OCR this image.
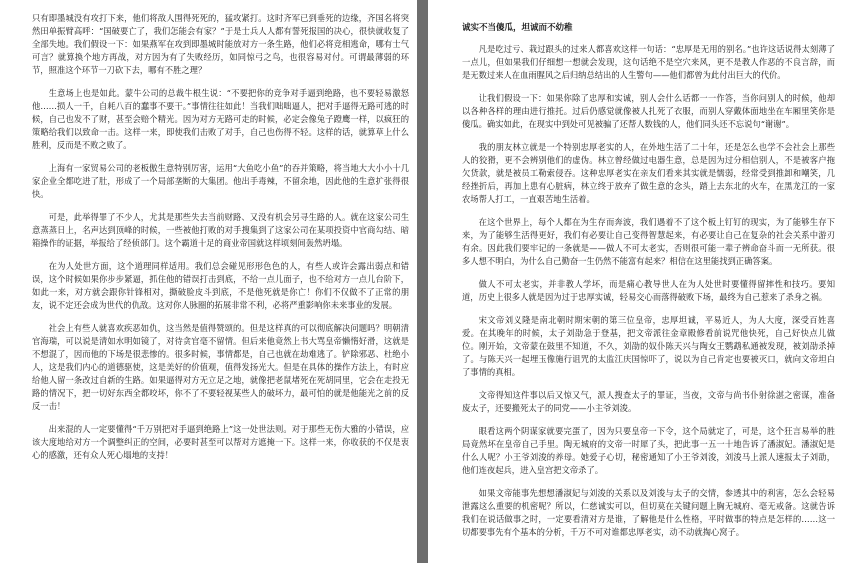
只有即墨城没有攻打下来，他们将敌人围得死死的，猛攻紧打。这时齐军已到垂死的边缘，齐国名将突然田单振臂高呼：“国破要亡了，我们怎能会有家？”于是士兵人人都有誓死报国的决心，很快就收复了全部失地。我们假设一下：如果燕军在攻到即墨城时能放对方一条生路，他们必将竞相逃命，哪有士气可言？就算换个地方再战，对方因为有了失败经历，如同惊弓之鸟，也很容易对付。可谓最薄弱的环节，照准这个环节一刀砍下去，哪有不胜之理？

生意场上也是如此。蒙牛公司的总裁牛根生说：“不要把你的竞争对手逼到绝路，也不要轻易激怒他……损人一千，自耗八百的蠢事不要干。”事情往往如此！当我们咄咄逼人，把对手逼得无路可逃的时候，自己也发不了财，甚至会赔个精光。因为对方无路可走的时候，必定会像兔子蹬鹰一样，以疯狂的策略给我们以致命一击。这样一来，即使我们击败了对手，自己也伤得不轻。这样的话，就算草上什么胜利，反而是不败之败了。

上海有一家贸易公司的老板傲生意特别厉害，运用“大鱼吃小鱼”的吞并策略，将当地大大小小十几家企业全都吃进了肚，形成了一个局部垄断的大集团。他出手毒辣，不留余地，因此他的生意扩张得很快。

可是，此举得罪了不少人，尤其是那些失去当前财路、又没有机会另寻生路的人。就在这家公司生意蒸蒸日上，名声达到顶峰的时候，一些被他打败的对手搜集到了这家公司在某项投资中官商勾结、暗箱操作的证据，举报给了经侦部门。这个霸道十足的商业帝国就这样顷刻间轰然坍塌。

在为人处世方面，这个道理同样适用。我们总会碰见形形色色的人，有些人或许会露出弱点和错误，这个时候如果你步步紧逼，抓住他的错误打击到底，不给一点儿面子，也不给对方一点儿台阶下，如此一来，对方就会跟你针锋相对，撕破脸皮斗到底，不是他死就是你亡！你们不仅做不了正常的朋友，说不定还会成为世代的仇敌。这对你人脉圈的拓展非常不利，必将严重影响你未来事业的发展。

社会上有些人就喜欢疾恶如仇，这当然是值得赞颂的。但是这样真的可以彻底解决问题吗？明朝清官海瑞，可以说是清如水明如镜了，对待贪官毫不留情。但后来他竟然上书大骂皇帝懒惰好滑，这就是不想混了，因而他的下场是很悲惨的。很多时候，事情都是，自己也就在劫难逃了。铲除邪恶、杜绝小人，这是我们内心的道德驱使，这是美好的价值观，值得发扬光大。但是在具体的操作方法上，有时应给他人留一条改过自新的生路。如果逼得对方无立足之地，就像把老鼠堵死在死胡同里，它会在走投无路的情况下，把一切好东西全都咬坏，你不了不要轻视某些人的破坏力，最可怕的就是他能光之前的反反一击！

出来混的人一定要懂得“千万别把对手逼到绝路上”这一处世法则。对于那些无伤大雅的小错误，应该大度地给对方一个调整纠正的空间，必要时甚至可以帮对方遮掩一下。这样一来，你收获的不仅是衷心的感激，还有众人死心塌地的支持！

诚实不当傻瓜，坦诚而不幼稚

凡是吃过亏、栽过跟头的过来人都喜欢这样一句话：“忠厚是无用的别名。”也许这话说得太刻薄了一点儿，但如果我们仔细想一想就会发现，这句话绝不是空穴来风，更不是教人作恶的不良言辞，而是无数过来人在血雨腥风之后归纳总结出的人生警句——他们都曾为此付出巨大的代价。

让我们假设一下：如果你除了忠厚和实诚，别人会什么话都一一作答，当你问别人的时候，他却以各种各样的理由进行推托。过后仍感觉就像被人扎死了衣服，而别人穿戴体面地坐在车厢里笑你是傻瓜。确实如此，在现实中到处可见被骗了还帮人数钱的人，他们同头还不忘说句“谢谢”。

我的朋友林立就是一个特别忠厚老实的人，在外地生活了二十年，还是怎么也学不会社会上那些人的狡猾，更不会辨别他们的虚伪。林立曾经做过电器生意，总是因为过分相信别人，不是被客户拖欠货款，就是被员工勒索侵吞。这种忠厚老实在亲友们看来其实就是懦弱，经常受到推卸和嘲笑，几经挫折后，再加上患有心脏病，林立终于放弃了做生意的念头，踏上去东北的火车，在黑龙江的一家农场帮人打工，一直艰苦地生活着。

在这个世界上，每个人都在为生存而奔波，我们遇着不了这个板上钉钉的现实，为了能够生存下来，为了能够生活得更好，我们有必要让自己变得智慧起来，有必要让自己在复杂的社会关系中游刃有余。因此我们要牢记的一条就是——做人不可太老实，否则很可能一辈子辨命奋斗而一无所获。很多人想不明白，为什么自己勤奋一生仍然不能富有起来？相信在这里能找到正确答案。

做人不可太老实，并非教人学坏，而是痛心教导世人在为人处世时要懂得留摔性和技巧。要知道，历史上很多人就是因为过于忠厚实诚，轻易交心而落得破败下场，最终为自己惹来了杀身之祸。

宋文帝刘义隆是南北朝时期宋朝的第三位皇帝，忠厚坦诚，平易近人，为人大度，深受百姓喜爱。在其晚年的时候，太子刘劭急于登基，把文帝派往金章殿修看前说咒他快死，自己好快点儿做位。刚开始，文帝蒙在鼓里不知道，不久，刘劭的奴仆陈天兴与陶女王鹦鹉私通被发现，被刘劭杀掉了。与陈天兴一起埋玉像施行诅咒的太监江庆国惊吓了，说以为自己肯定也要被灭口，就向文帝坦白了事情的真相。

文帝得知这件事以后又惊又气，派人搜查太子的罪证，当夜，文帝与尚书仆射徐湛之密谋，准备废太子，还要搬死太子的同党——小主爷刘浚。

眼看这两个阴谋家就要完蛋了，因为只要皇帝一下令，这个局就定了，可是，这个狂言易举的胜局竟然坏在皇帝自己手里。陶无城府的文帝一时犀了头，把此事一五一十地告诉了潘淑妃。潘淑妃是什么人呢？小王爷刘浚的养母。她爱子心切，秘密通知了小王爷刘浚，刘浚马上派人速报太子刘劭，他们连夜起兵，进入皇宫把文帝杀了。

如果文帝能事先想想潘淑妃与刘浚的关系以及刘浚与太子的交情，参透其中的利害，怎么会轻易泄露这么重要的机密呢？所以，仁慈诚实可以，但切莫在关键问题上胸无城府、毫无戒备。这就告诉我们在说话做事之时，一定要看清对方是谁，了解他是什么性格，平时做事的特点是怎样的……这一切都要事先有个基本的分析，千万不可对谁都忠厚老实，动不动就掏心窝子。
